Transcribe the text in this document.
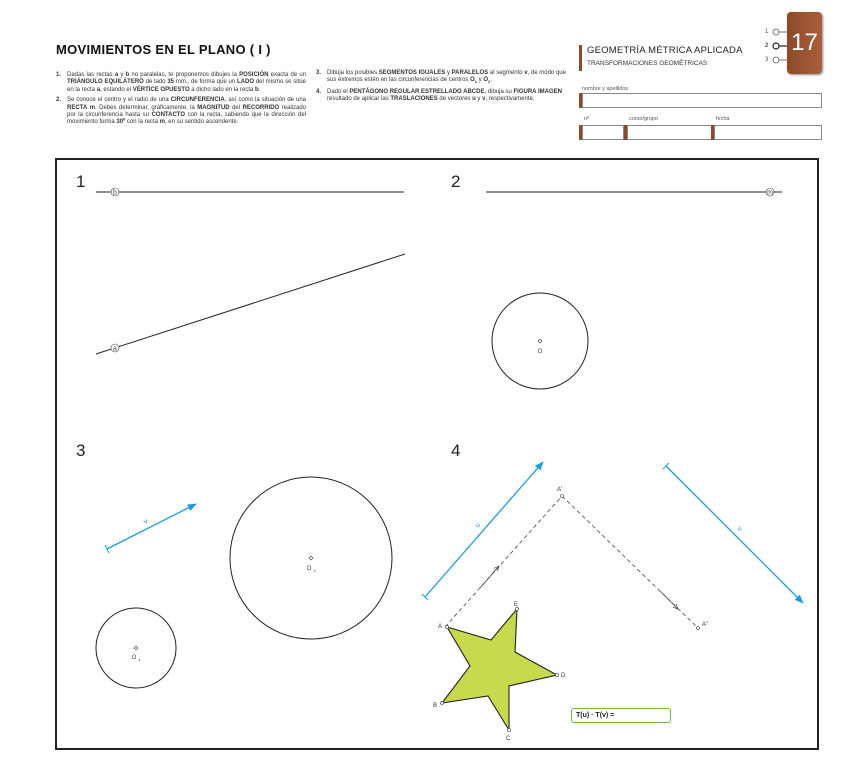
MOVIMIENTOS EN EL PLANO ( I )
1. Dadas las rectas a y b no paralelas, te proponemos dibujes la POSICIÓN exacta de un TRIÁNGULO EQUILÁTERO de lado 35 mm., de forma que un LADO del mismo se sitúe en la recta a, estando el VÉRTICE OPUESTO a dicho lado en la recta b.
2. Se conoce el centro y el radio de una CIRCUNFERENCIA, así como la situación de una RECTA m. Debes determinar, gráficamente, la MAGNITUD del RECORRIDO realizado por la circunferencia hasta su CONTACTO con la recta, sabiendo que la dirección del movimiento forma 30º con la recta m, en su sentido ascendente.
3. Dibuja los posibles SEGMENTOS IGUALES y PARALELOS al segmento v, de modo que sus extremos estén en las circunferencias de centros $O_1$ y $O_2$.
4. Dado el PENTÁGONO REGULAR ESTRELLADO ABCDE, dibuja su FIGURA IMAGEN resultado de aplicar las TRASLACIONES de vectores u y v, respectivamente.
GEOMETRÍA MÉTRICA APLICADA
TRANSFORMACIONES GEOMÉTRICAS
1
2
3
17
nombre y apellidos
nº	curso/grupo	fecha
1	2
3	4
b
a
m
O
O 2
O 1
v	u	v
A'
A''
A
E
D
C
B
T(u) · T(v) =
